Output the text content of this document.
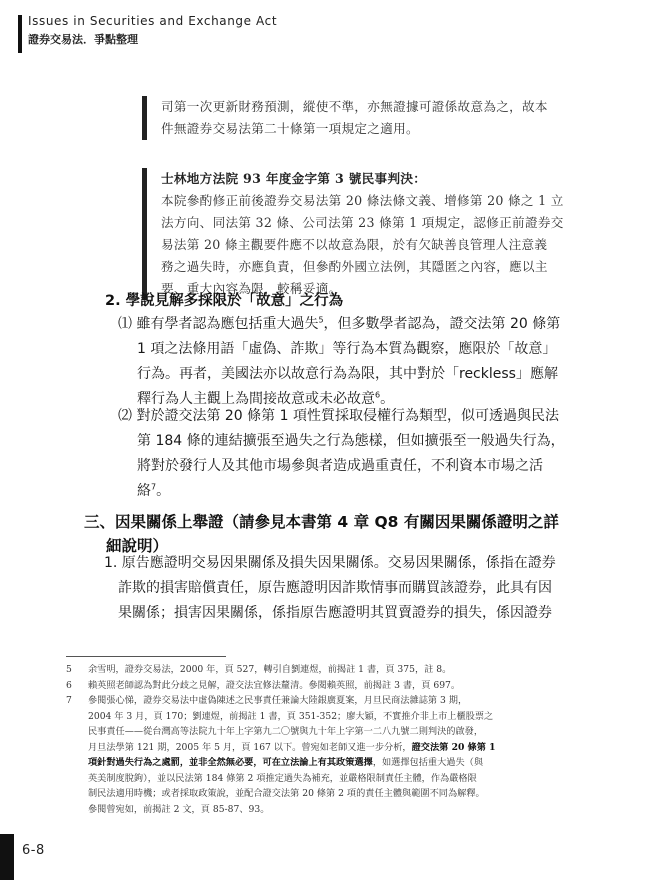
Issues in Securities and Exchange Act
證券交易法．爭點整理

司第一次更新財務預測，縱使不準，亦無證據可證係故意為之，故本

件無證券交易法第二十條第一項規定之適用。

士林地方法院 93 年度金字第 3 號民事判決：

本院參酌修正前後證券交易法第 20 條法條文義、增修第 20 條之 1 立

法方向、同法第 32 條、公司法第 23 條第 1 項規定，認修正前證券交

易法第 20 條主觀要件應不以故意為限，於有欠缺善良管理人注意義

務之過失時，亦應負責，但參酌外國立法例，其隱匿之內容，應以主

要、重大內容為限，較稱妥適。

2. 學說見解多採限於「故意」之行為

⑴ 雖有學者認為應包括重大過失$^5$，但多數學者認為，證交法第 20 條第

1 項之法條用語「虛偽、詐欺」等行為本質為觀察，應限於「故意」

行為。再者，美國法亦以故意行為為限，其中對於「reckless」應解

釋行為人主觀上為間接故意或未必故意$^6$。

⑵ 對於證交法第 20 條第 1 項性質採取侵權行為類型，似可透過與民法

第 184 條的連結擴張至過失之行為態樣，但如擴張至一般過失行為，

將對於發行人及其他市場參與者造成過重責任，不利資本市場之活

絡$^7$。

三、因果關係上舉證（請參見本書第 4 章 Q8 有關因果關係證明之詳

細說明）

1. 原告應證明交易因果關係及損失因果關係。交易因果關係，係指在證券

詐欺的損害賠償責任，原告應證明因詐欺情事而購買該證券，此具有因

果關係；損害因果關係，係指原告應證明其買賣證券的損失，係因證券

5	余雪明，證券交易法，2000 年，頁 527，轉引自劉連煜，前揭註 1 書，頁 375，註 8。

6	賴英照老師認為對此分歧之見解，證交法宜修法釐清。參閱賴英照，前揭註 3 書，頁 697。

7	參閱張心悌，證券交易法中虛偽陳述之民事責任兼論大陸銀廣夏案，月旦民商法雜誌第 3 期，

2004 年 3 月，頁 170；劉連煜，前揭註 1 書，頁 351-352；廖大穎，不實推介非上市上櫃股票之

民事責任——從台灣高等法院九十年上字第九二〇號與九十年上字第一二八九號二則判決的啟發，

月旦法學第 121 期，2005 年 5 月，頁 167 以下。曾宛如老師又進一步分析，證交法第 20 條第 1

項針對過失行為之處罰，並非全然無必要，可在立法論上有其政策選擇，如選擇包括重大過失（與

英美制度脫鉤），並以民法第 184 條第 2 項推定過失為補充，並嚴格限制責任主體，作為嚴格限

制民法適用時機；或者採取政策說，並配合證交法第 20 條第 2 項的責任主體與範圍不同為解釋。

參閱曾宛如，前揭註 2 文，頁 85-87、93。

6-8
